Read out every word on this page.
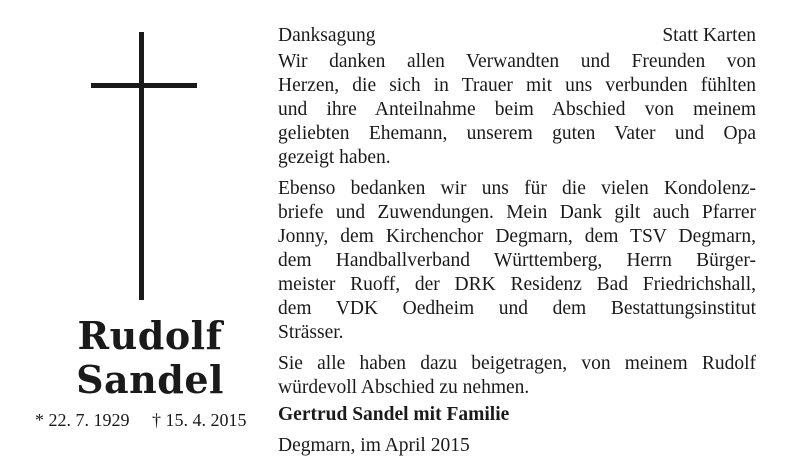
Rudolf
Sandel
* 22. 7. 1929 † 15. 4. 2015
Danksagung	Statt Karten
Wir danken allen Verwandten und Freunden von
Herzen, die sich in Trauer mit uns verbunden fühlten
und ihre Anteilnahme beim Abschied von meinem
geliebten Ehemann, unserem guten Vater und Opa
gezeigt haben.
Ebenso bedanken wir uns für die vielen Kondolenz-
briefe und Zuwendungen. Mein Dank gilt auch Pfarrer
Jonny, dem Kirchenchor Degmarn, dem TSV Degmarn,
dem Handballverband Württemberg, Herrn Bürger-
meister Ruoff, der DRK Residenz Bad Friedrichshall,
dem VDK Oedheim und dem Bestattungsinstitut
Strässer.
Sie alle haben dazu beigetragen, von meinem Rudolf
würdevoll Abschied zu nehmen.
Gertrud Sandel mit Familie
Degmarn, im April 2015
